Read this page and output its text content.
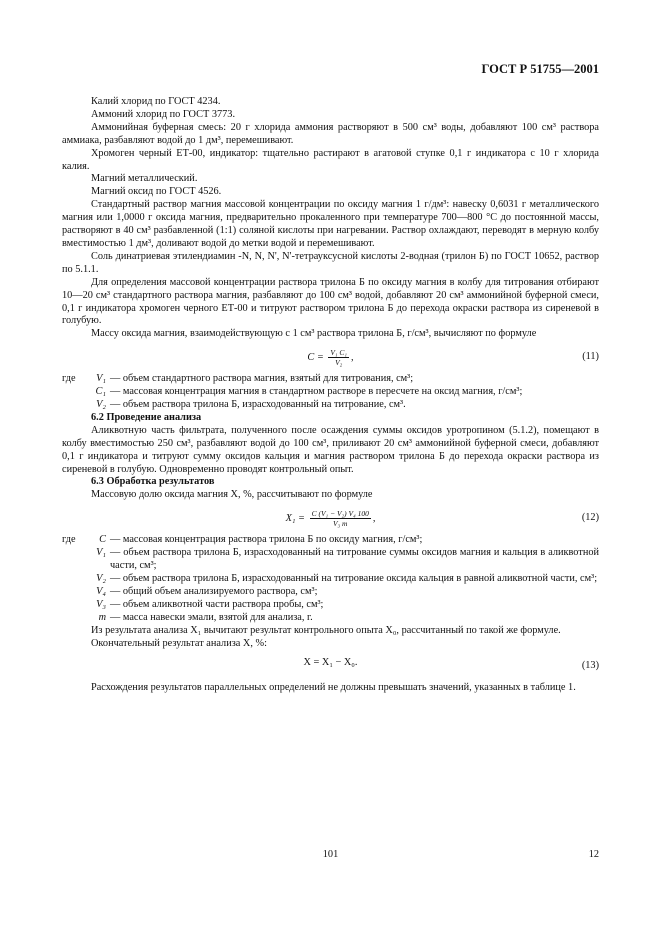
ГОСТ Р 51755—2001

Калий хлорид по ГОСТ 4234.

Аммоний хлорид по ГОСТ 3773.

Аммонийная буферная смесь: 20 г хлорида аммония растворяют в 500 см³ воды, добавляют 100 см³ раствора аммиака, разбавляют водой до 1 дм³, перемешивают.

Хромоген черный ЕТ-00, индикатор: тщательно растирают в агатовой ступке 0,1 г индикатора с 10 г хлорида калия.

Магний металлический.

Магний оксид по ГОСТ 4526.

Стандартный раствор магния массовой концентрации по оксиду магния 1 г/дм³: навеску 0,6031 г металлического магния или 1,0000 г оксида магния, предварительно прокаленного при температуре 700—800 °С до постоянной массы, растворяют в 40 см³ разбавленной (1:1) соляной кислоты при нагревании. Раствор охлаждают, переводят в мерную колбу вместимостью 1 дм³, доливают водой до метки водой и перемешивают.

Соль динатриевая этилендиамин -N, N, N', N'-тетрауксусной кислоты 2-водная (трилон Б) по ГОСТ 10652, раствор по 5.1.1.

Для определения массовой концентрации раствора трилона Б по оксиду магния в колбу для титрования отбирают 10—20 см³ стандартного раствора магния, разбавляют до 100 см³ водой, добавляют 20 см³ аммонийной буферной смеси, 0,1 г индикатора хромоген черного ЕТ-00 и титруют раствором трилона Б до перехода окраски раствора из сиреневой в голубую.

Массу оксида магния, взаимодействующую с 1 см³ раствора трилона Б, г/см³, вычисляют по формуле

$C = \frac{\text{V₁ C₁}}{\text{V₂}}$ ,	(11)
где	V₁ — объем стандартного раствора магния, взятый для титрования, см³;
C₁ — массовая концентрация магния в стандартном растворе в пересчете на оксид магния, г/см³;
V₂ — объем раствора трилона Б, израсходованный на титрование, см³.

6.2 Проведение анализа

Аликвотную часть фильтрата, полученного после осаждения суммы оксидов уротропином (5.1.2), помещают в колбу вместимостью 250 см³, разбавляют водой до 100 см³, приливают 20 см³ аммонийной буферной смеси, добавляют 0,1 г индикатора и титруют сумму оксидов кальция и магния раствором трилона Б до перехода окраски раствора из сиреневой в голубую. Одновременно проводят контрольный опыт.

6.3 Обработка результатов

Массовую долю оксида магния X, %, рассчитывают по формуле

$X_1 = \frac{\text{C (V₁ − V₂) V₄ 100}}{\text{V₃ m}}$ ,	(12)
где	C — массовая концентрация раствора трилона Б по оксиду магния, г/см³;
V₁ — объем раствора трилона Б, израсходованный на титрование суммы оксидов магния и кальция в аликвотной части, см³;
V₂ — объем раствора трилона Б, израсходованный на титрование оксида кальция в равной аликвотной части, см³;
V₄ — общий объем анализируемого раствора, см³;
V₃ — объем аликвотной части раствора пробы, см³;
m — масса навески эмали, взятой для анализа, г.

Из результата анализа X₁ вычитают результат контрольного опыта X₀, рассчитанный по такой же формуле.

Окончательный результат анализа X, %:

X = X₁ − X₀.	(13)

Расхождения результатов параллельных определений не должны превышать значений, указанных в таблице 1.

101	12
